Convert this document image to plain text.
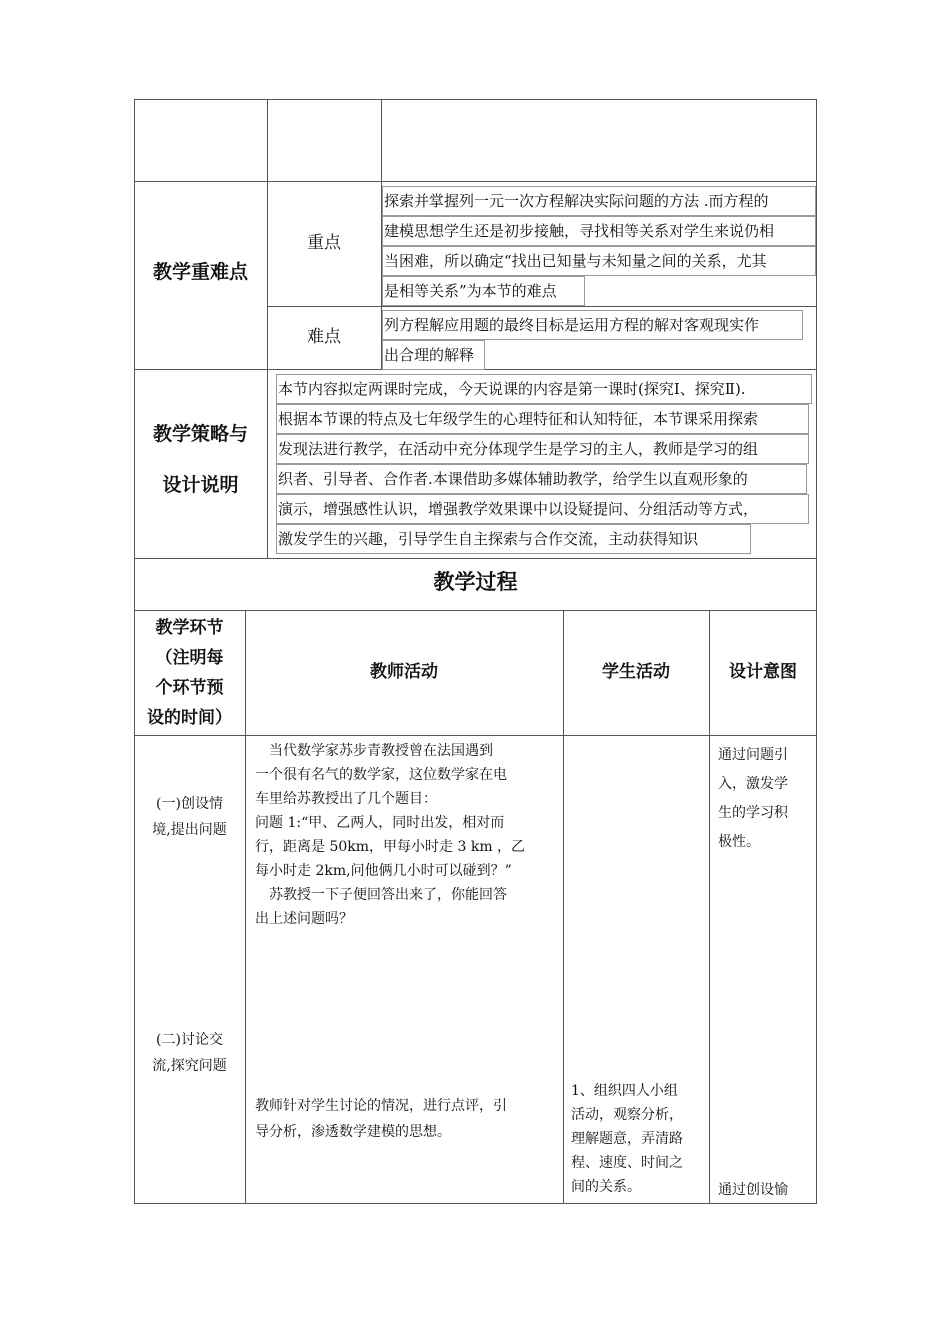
教学重难点
重点
探索并掌握列一元一次方程解决实际问题的方法 .而方程的
建模思想学生还是初步接触，寻找相等关系对学生来说仍相
当困难，所以确定“找出已知量与未知量之间的关系，尤其
是相等关系”为本节的难点
难点
列方程解应用题的最终目标是运用方程的解对客观现实作
出合理的解释
教学策略与
设计说明
本节内容拟定两课时完成，今天说课的内容是第一课时(探究Ⅰ、探究Ⅱ).
根据本节课的特点及七年级学生的心理特征和认知特征，本节课采用探索
发现法进行教学，在活动中充分体现学生是学习的主人，教师是学习的组
织者、引导者、合作者.本课借助多媒体辅助教学，给学生以直观形象的
演示，增强感性认识，增强教学效果课中以设疑提问、分组活动等方式，
激发学生的兴趣，引导学生自主探索与合作交流，主动获得知识
教学过程
教学环节
（注明每
个环节预
设的时间）
教师活动	学生活动	设计意图
(一)创设情
境,提出问题
(二)讨论交
流,探究问题
　当代数学家苏步青教授曾在法国遇到
一个很有名气的数学家，这位数学家在电
车里给苏教授出了几个题目：
问题 1:“甲、乙两人，同时出发，相对而
行，距离是 50km，甲每小时走 3 km ，乙
每小时走 2km,问他俩几小时可以碰到？”
　苏教授一下子便回答出来了，你能回答
出上述问题吗？
教师针对学生讨论的情况，进行点评，引
导分析，渗透数学建模的思想。
1、组织四人小组
活动，观察分析，
理解题意，弄清路
程、速度、时间之
间的关系。
通过问题引
入，激发学
生的学习积
极性。
通过创设愉
